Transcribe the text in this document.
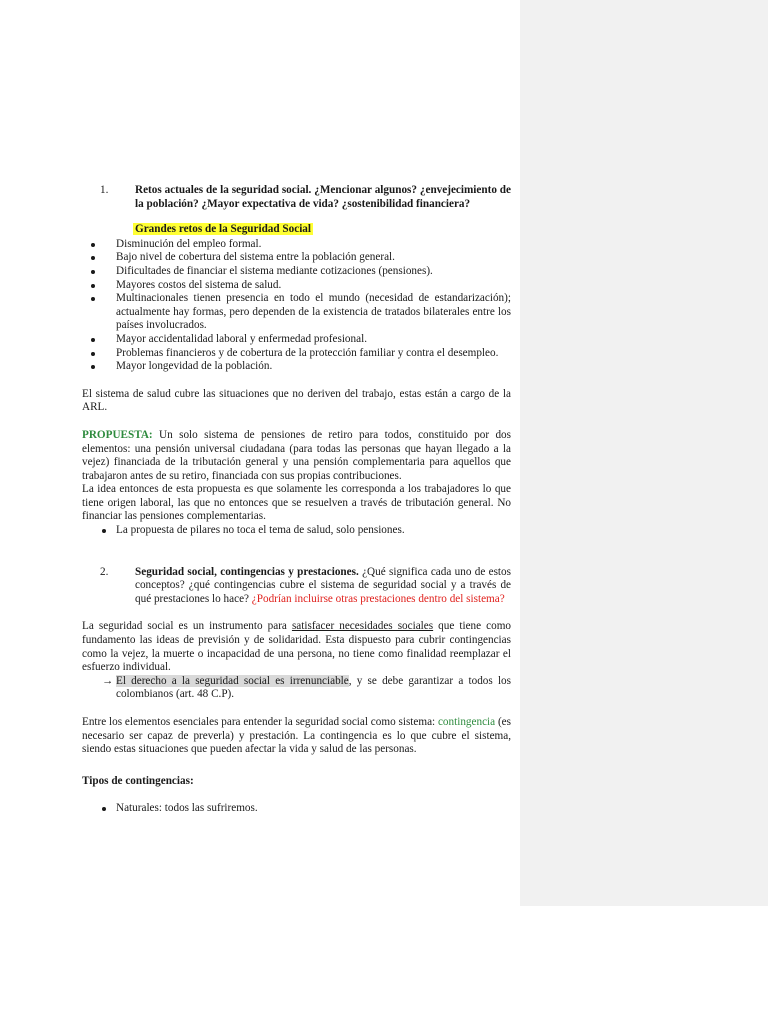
1.	Retos actuales de la seguridad social. ¿Mencionar algunos? ¿envejecimiento de la población? ¿Mayor expectativa de vida? ¿sostenibilidad financiera?
Grandes retos de la Seguridad Social
Disminución del empleo formal.
Bajo nivel de cobertura del sistema entre la población general.
Dificultades de financiar el sistema mediante cotizaciones (pensiones).
Mayores costos del sistema de salud.
Multinacionales tienen presencia en todo el mundo (necesidad de estandarización); actualmente hay formas, pero dependen de la existencia de tratados bilaterales entre los países involucrados.
Mayor accidentalidad laboral y enfermedad profesional.
Problemas financieros y de cobertura de la protección familiar y contra el desempleo.
Mayor longevidad de la población.

El sistema de salud cubre las situaciones que no deriven del trabajo, estas están a cargo de la ARL.

PROPUESTA: Un solo sistema de pensiones de retiro para todos, constituido por dos elementos: una pensión universal ciudadana (para todas las personas que hayan llegado a la vejez) financiada de la tributación general y una pensión complementaria para aquellos que trabajaron antes de su retiro, financiada con sus propias contribuciones.

La idea entonces de esta propuesta es que solamente les corresponda a los trabajadores lo que tiene origen laboral, las que no entonces que se resuelven a través de tributación general. No financiar las pensiones complementarias.

La propuesta de pilares no toca el tema de salud, solo pensiones.
2.	Seguridad social, contingencias y prestaciones. ¿Qué significa cada uno de estos conceptos? ¿qué contingencias cubre el sistema de seguridad social y a través de qué prestaciones lo hace? ¿Podrían incluirse otras prestaciones dentro del sistema?

La seguridad social es un instrumento para satisfacer necesidades sociales que tiene como fundamento las ideas de previsión y de solidaridad. Esta dispuesto para cubrir contingencias como la vejez, la muerte o incapacidad de una persona, no tiene como finalidad reemplazar el esfuerzo individual.

→ El derecho a la seguridad social es irrenunciable, y se debe garantizar a todos los colombianos (art. 48 C.P).

Entre los elementos esenciales para entender la seguridad social como sistema: contingencia (es necesario ser capaz de preverla) y prestación. La contingencia es lo que cubre el sistema, siendo estas situaciones que pueden afectar la vida y salud de las personas.

Tipos de contingencias:
Naturales: todos las sufriremos.
